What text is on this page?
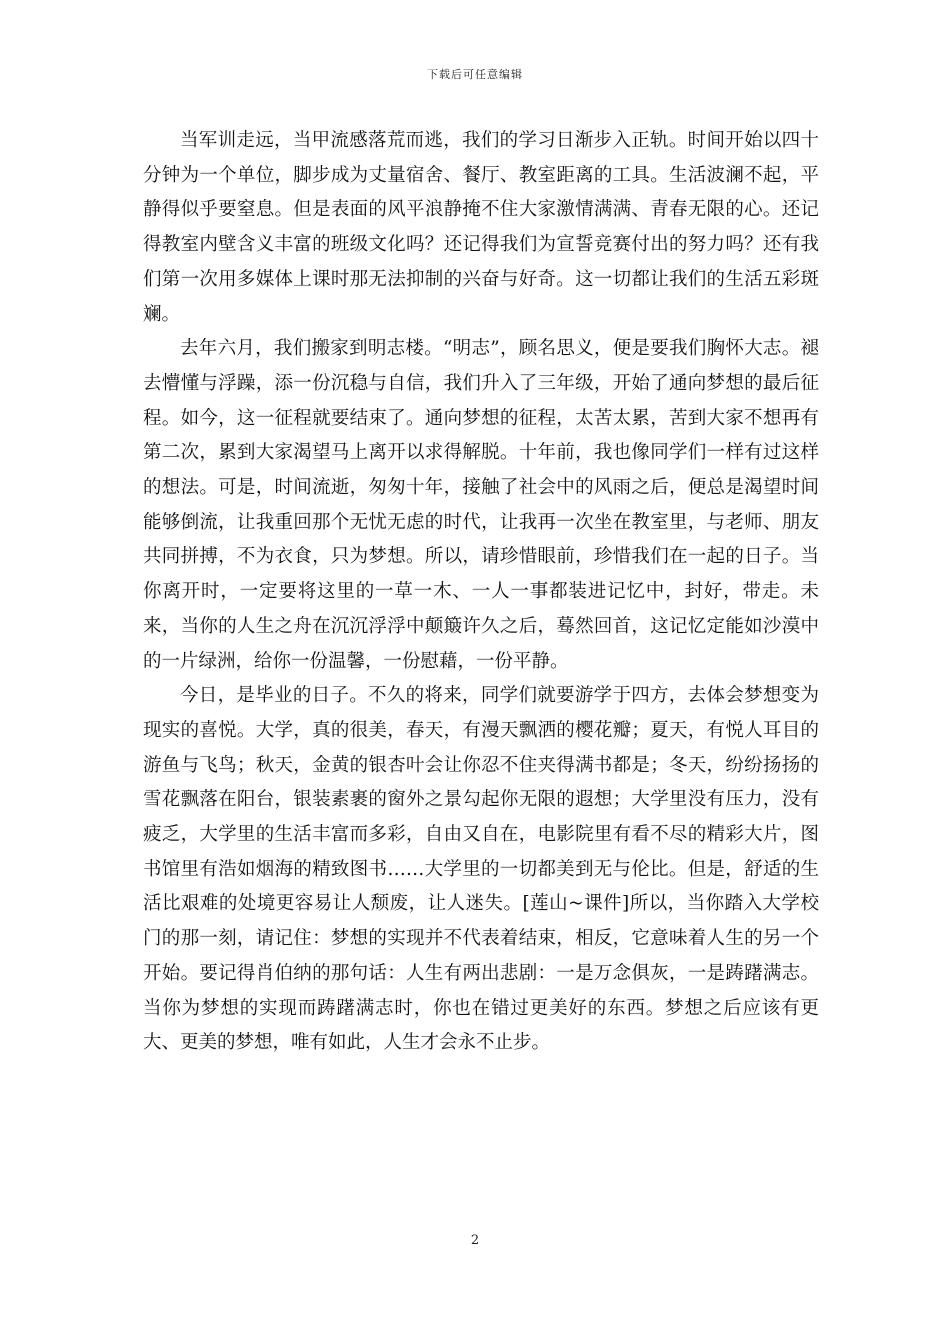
下载后可任意编辑

当军训走远，当甲流感落荒而逃，我们的学习日渐步入正轨。时间开始以四十分钟为一个单位，脚步成为丈量宿舍、餐厅、教室距离的工具。生活波澜不起，平静得似乎要窒息。但是表面的风平浪静掩不住大家激情满满、青春无限的心。还记得教室内壁含义丰富的班级文化吗？还记得我们为宣誓竞赛付出的努力吗？还有我们第一次用多媒体上课时那无法抑制的兴奋与好奇。这一切都让我们的生活五彩斑斓。

去年六月，我们搬家到明志楼。“明志”，顾名思义，便是要我们胸怀大志。褪去懵懂与浮躁，添一份沉稳与自信，我们升入了三年级，开始了通向梦想的最后征程。如今，这一征程就要结束了。通向梦想的征程，太苦太累，苦到大家不想再有第二次，累到大家渴望马上离开以求得解脱。十年前，我也像同学们一样有过这样的想法。可是，时间流逝，匆匆十年，接触了社会中的风雨之后，便总是渴望时间能够倒流，让我重回那个无忧无虑的时代，让我再一次坐在教室里，与老师、朋友共同拼搏，不为衣食，只为梦想。所以，请珍惜眼前，珍惜我们在一起的日子。当你离开时，一定要将这里的一草一木、一人一事都装进记忆中，封好，带走。未来，当你的人生之舟在沉沉浮浮中颠簸许久之后，蓦然回首，这记忆定能如沙漠中的一片绿洲，给你一份温馨，一份慰藉，一份平静。

今日，是毕业的日子。不久的将来，同学们就要游学于四方，去体会梦想变为现实的喜悦。大学，真的很美，春天，有漫天飘洒的樱花瓣；夏天，有悦人耳目的游鱼与飞鸟；秋天，金黄的银杏叶会让你忍不住夹得满书都是；冬天，纷纷扬扬的雪花飘落在阳台，银装素裹的窗外之景勾起你无限的遐想；大学里没有压力，没有疲乏，大学里的生活丰富而多彩，自由又自在，电影院里有看不尽的精彩大片，图书馆里有浩如烟海的精致图书……大学里的一切都美到无与伦比。但是，舒适的生活比艰难的处境更容易让人颓废，让人迷失。[莲山~课件]所以，当你踏入大学校门的那一刻，请记住：梦想的实现并不代表着结束，相反，它意味着人生的另一个开始。要记得肖伯纳的那句话：人生有两出悲剧：一是万念俱灰，一是踌躇满志。当你为梦想的实现而踌躇满志时，你也在错过更美好的东西。梦想之后应该有更大、更美的梦想，唯有如此，人生才会永不止步。

2
